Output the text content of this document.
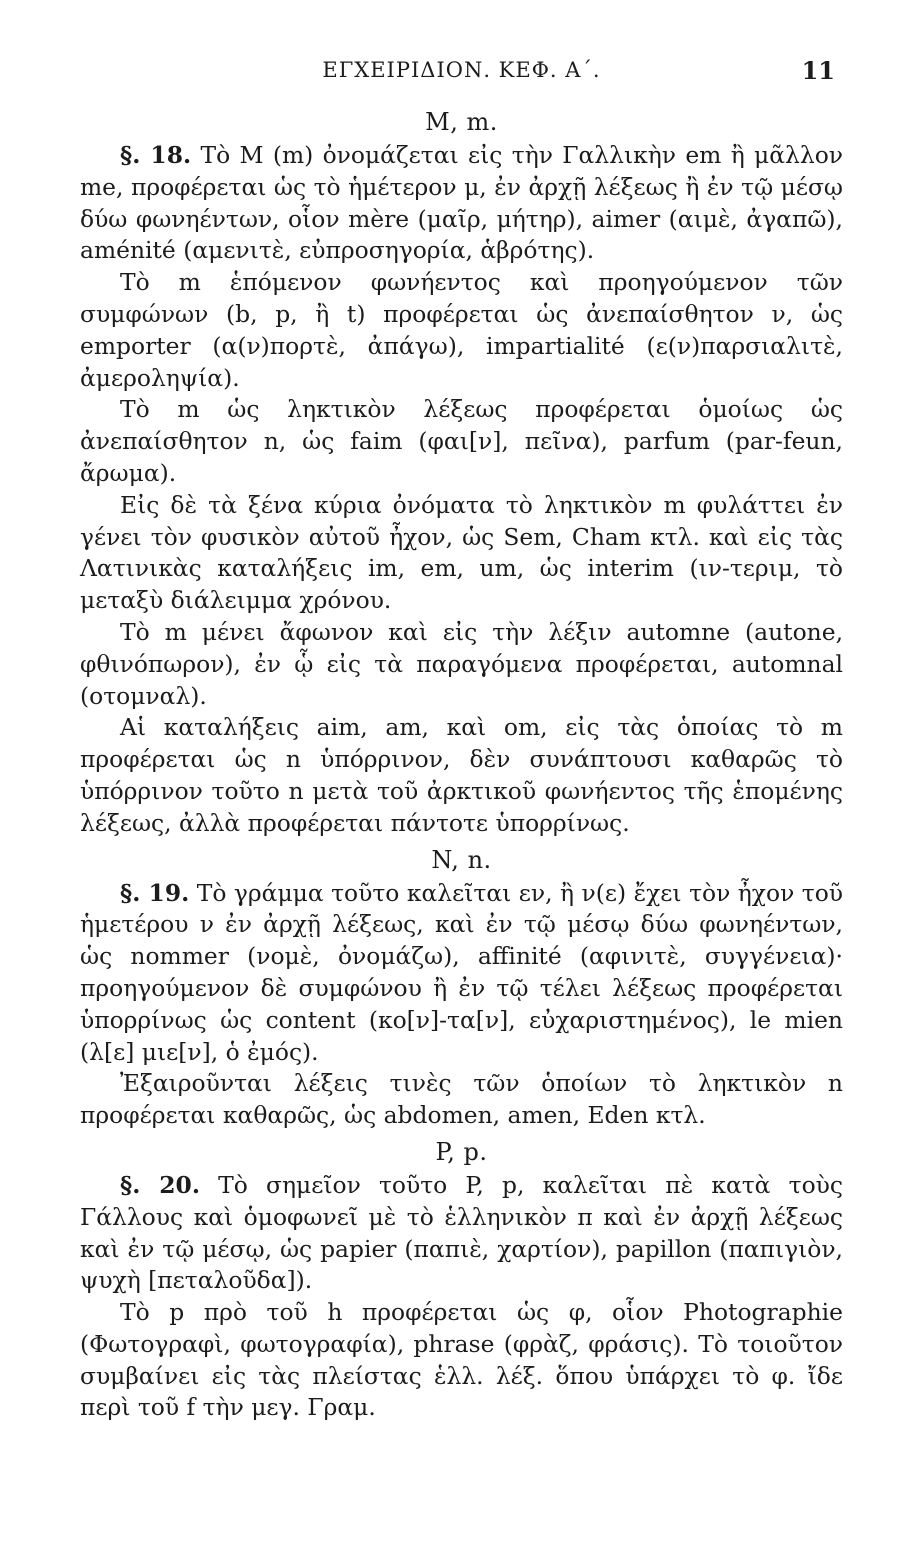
ΕΓΧΕΙΡΙΔΙΟΝ. ΚΕΦ. Α΄.	11
M, m.

§. 18. Τὸ M (m) ὀνομάζεται εἰς τὴν Γαλλικὴν em ἢ μᾶλλον me, προφέρεται ὡς τὸ ἡμέτερον μ, ἐν ἀρχῇ λέξεως ἢ ἐν τῷ μέσῳ δύω φωνηέντων, οἷον mère (μαῖρ, μήτηρ), aimer (αιμὲ, ἀγαπῶ), aménité (αμενιτὲ, εὐπροσηγορία, ἁβρότης).

Τὸ m ἑπόμενον φωνήεντος καὶ προηγούμενον τῶν συμφώνων (b, p, ἢ t) προφέρεται ὡς ἀνεπαίσθητον ν, ὡς emporter (α(ν)πορτὲ, ἀπάγω), impartialité (ε(ν)παρσιαλιτὲ, ἀμεροληψία).

Τὸ m ὡς ληκτικὸν λέξεως προφέρεται ὁμοίως ὡς ἀνεπαίσθητον n, ὡς faim (φαι[ν], πεῖνα), parfum (par-feun, ἄρωμα).

Εἰς δὲ τὰ ξένα κύρια ὀνόματα τὸ ληκτικὸν m φυλάττει ἐν γένει τὸν φυσικὸν αὐτοῦ ἦχον, ὡς Sem, Cham κτλ. καὶ εἰς τὰς Λατινικὰς καταλήξεις im, em, um, ὡς interim (ιν-τεριμ, τὸ μεταξὺ διάλειμμα χρόνου.

Τὸ m μένει ἄφωνον καὶ εἰς τὴν λέξιν automne (autone, φθινόπωρον), ἐν ᾧ εἰς τὰ παραγόμενα προφέρεται, automnal (οτομναλ).

Αἱ καταλήξεις aim, am, καὶ om, εἰς τὰς ὁποίας τὸ m προφέρεται ὡς n ὑπόρρινον, δὲν συνάπτουσι καθαρῶς τὸ ὑπόρρινον τοῦτο n μετὰ τοῦ ἀρκτικοῦ φωνήεντος τῆς ἑπομένης λέξεως, ἀλλὰ προφέρεται πάντοτε ὑπορρίνως.

N, n.

§. 19. Τὸ γράμμα τοῦτο καλεῖται εν, ἢ ν(ε) ἔχει τὸν ἦχον τοῦ ἡμετέρου ν ἐν ἀρχῇ λέξεως, καὶ ἐν τῷ μέσῳ δύω φωνηέντων, ὡς nommer (νομὲ, ὀνομάζω), affinité (αφινιτὲ, συγγένεια)· προηγούμενον δὲ συμφώνου ἢ ἐν τῷ τέλει λέξεως προφέρεται ὑπορρίνως ὡς content (κο[ν]-τα[ν], εὐχαριστημένος), le mien (λ[ε] μιε[ν], ὁ ἐμός).

Ἐξαιροῦνται λέξεις τινὲς τῶν ὁποίων τὸ ληκτικὸν n προφέρεται καθαρῶς, ὡς abdomen, amen, Eden κτλ.

P, p.

§. 20. Τὸ σημεῖον τοῦτο P, p, καλεῖται πὲ κατὰ τοὺς Γάλλους καὶ ὁμοφωνεῖ μὲ τὸ ἑλληνικὸν π καὶ ἐν ἀρχῇ λέξεως καὶ ἐν τῷ μέσῳ, ὡς papier (παπιὲ, χαρτίον), papillon (παπιγιὸν, ψυχὴ [πεταλοῦδα]).

Τὸ p πρὸ τοῦ h προφέρεται ὡς φ, οἷον Photographie (Φωτογραφὶ, φωτογραφία), phrase (φρὰζ, φράσις). Τὸ τοιοῦτον συμβαίνει εἰς τὰς πλείστας ἑλλ. λέξ. ὅπου ὑπάρχει τὸ φ. ἴδε περὶ τοῦ f τὴν μεγ. Γραμ.
